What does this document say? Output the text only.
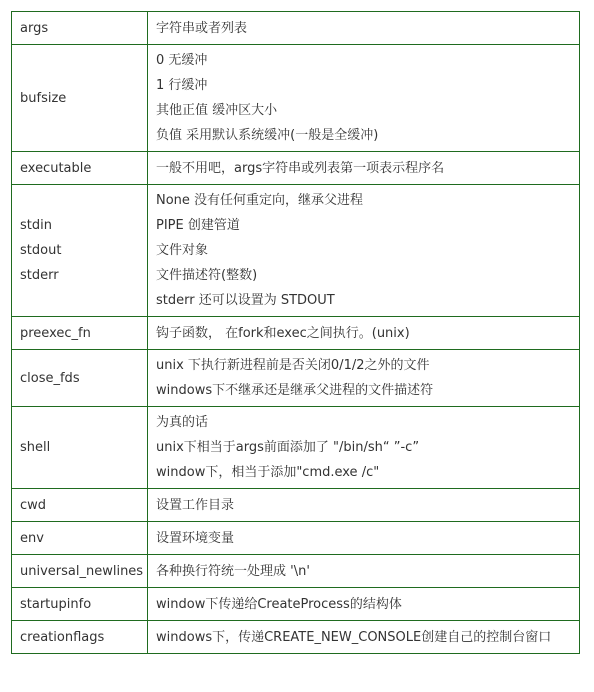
args	字符串或者列表

bufsize	0 无缓冲
1 行缓冲
其他正值 缓冲区大小
负值 采用默认系统缓冲(一般是全缓冲)

executable	一般不用吧，args字符串或列表第一项表示程序名

stdin
stdout
stderr	None 没有任何重定向，继承父进程
PIPE 创建管道
文件对象
文件描述符(整数)
stderr 还可以设置为 STDOUT

preexec_fn	钩子函数， 在fork和exec之间执行。(unix)

close_fds	unix 下执行新进程前是否关闭0/1/2之外的文件
windows下不继承还是继承父进程的文件描述符

shell	为真的话
unix下相当于args前面添加了 "/bin/sh“ ”-c”
window下，相当于添加"cmd.exe /c"

cwd	设置工作目录

env	设置环境变量

universal_newlines	各种换行符统一处理成 '\n'

startupinfo	window下传递给CreateProcess的结构体

creationflags	windows下，传递CREATE_NEW_CONSOLE创建自己的控制台窗口
